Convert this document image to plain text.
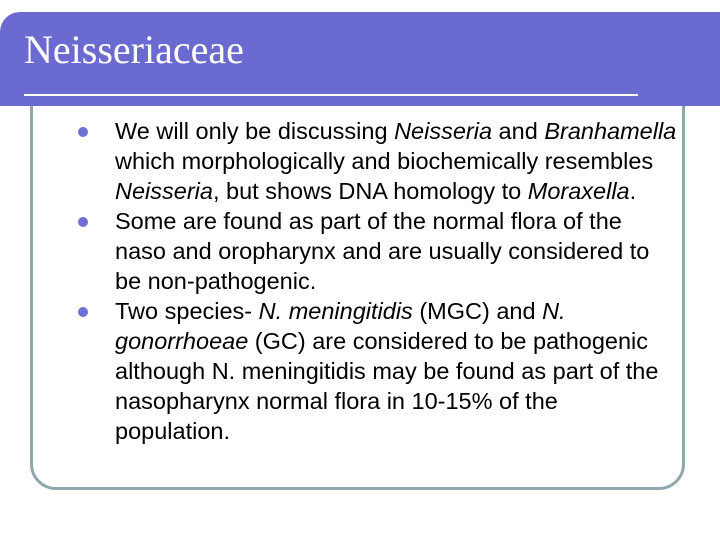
Neisseriaceae

We will only be discussing Neisseria and Branhamella which morphologically and biochemically resembles Neisseria, but shows DNA homology to Moraxella.

Some are found as part of the normal flora of the naso and oropharynx and are usually considered to be non-pathogenic.

Two species- N. meningitidis (MGC) and N. gonorrhoeae (GC) are considered to be pathogenic although N. meningitidis may be found as part of the nasopharynx normal flora in 10-15% of the population.
